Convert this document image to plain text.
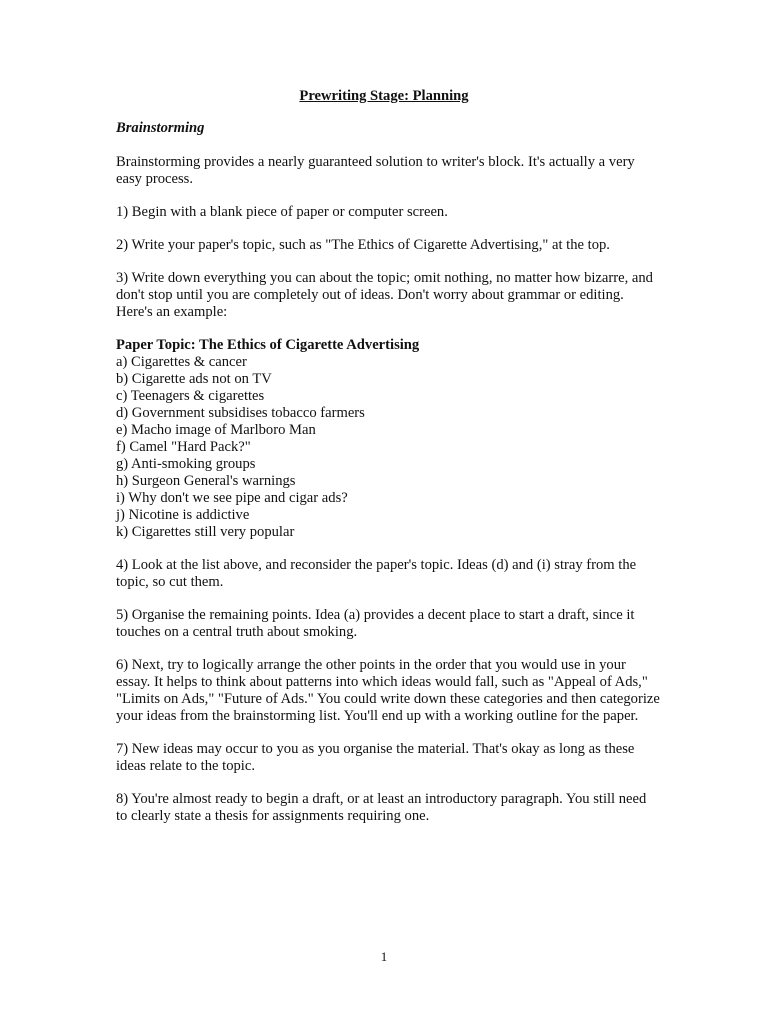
Prewriting Stage: Planning
Brainstorming

Brainstorming provides a nearly guaranteed solution to writer's block. It's actually a very easy process.

1) Begin with a blank piece of paper or computer screen.

2) Write your paper's topic, such as "The Ethics of Cigarette Advertising," at the top.

3) Write down everything you can about the topic; omit nothing, no matter how bizarre, and don't stop until you are completely out of ideas. Don't worry about grammar or editing. Here's an example:

Paper Topic: The Ethics of Cigarette Advertising
a) Cigarettes & cancer
b) Cigarette ads not on TV
c) Teenagers & cigarettes
d) Government subsidises tobacco farmers
e) Macho image of Marlboro Man
f) Camel "Hard Pack?"
g) Anti-smoking groups
h) Surgeon General's warnings
i) Why don't we see pipe and cigar ads?
j) Nicotine is addictive
k) Cigarettes still very popular

4) Look at the list above, and reconsider the paper's topic. Ideas (d) and (i) stray from the topic, so cut them.

5) Organise the remaining points. Idea (a) provides a decent place to start a draft, since it touches on a central truth about smoking.

6) Next, try to logically arrange the other points in the order that you would use in your essay. It helps to think about patterns into which ideas would fall, such as "Appeal of Ads," "Limits on Ads," "Future of Ads." You could write down these categories and then categorize your ideas from the brainstorming list. You'll end up with a working outline for the paper.

7) New ideas may occur to you as you organise the material. That's okay as long as these ideas relate to the topic.

8) You're almost ready to begin a draft, or at least an introductory paragraph. You still need to clearly state a thesis for assignments requiring one.

1
